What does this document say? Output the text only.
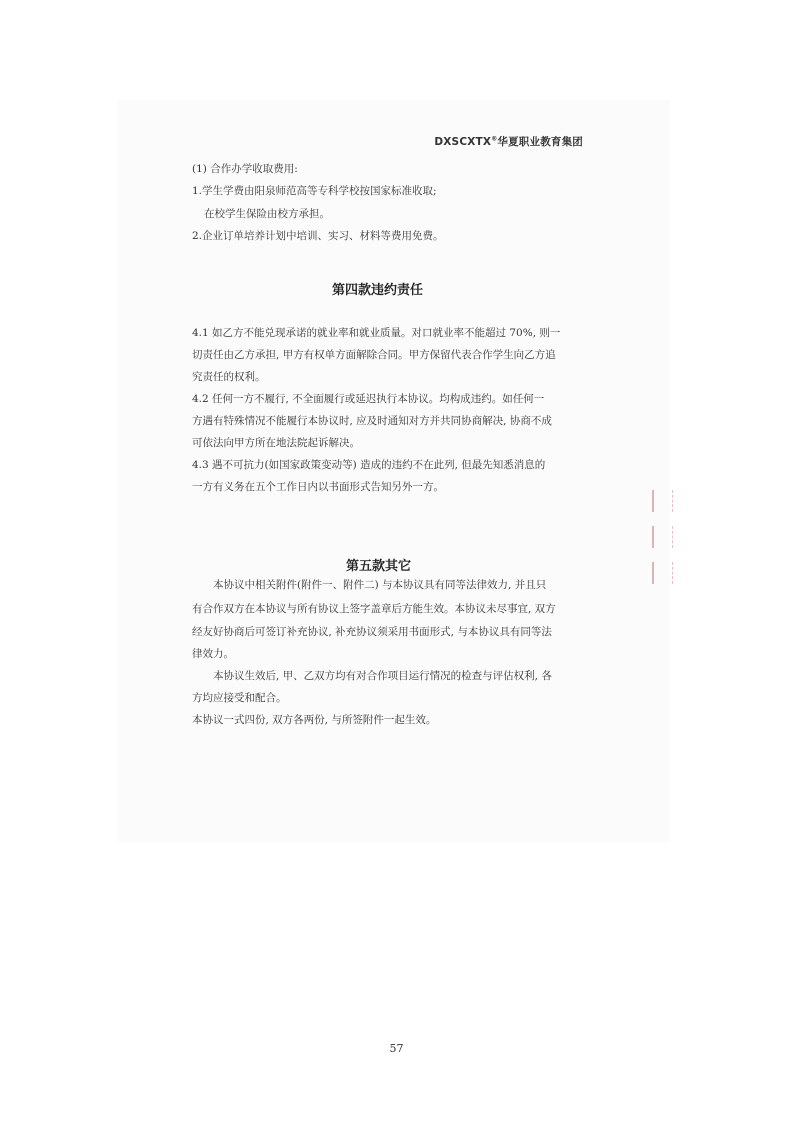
DXSCXTX®华夏职业教育集团
(1) 合作办学收取费用:
1.学生学费由阳泉师范高等专科学校按国家标准收取;
在校学生保险由校方承担。
2.企业订单培养计划中培训、实习、材料等费用免费。
第四款违约责任
4.1 如乙方不能兑现承诺的就业率和就业质量。对口就业率不能超过 70%, 则一
切责任由乙方承担, 甲方有权单方面解除合同。甲方保留代表合作学生向乙方追
究责任的权利。
4.2 任何一方不履行, 不全面履行或延迟执行本协议。均构成违约。如任何一
方遇有特殊情况不能履行本协议时, 应及时通知对方并共同协商解决, 协商不成
可依法向甲方所在地法院起诉解决。
4.3 遇不可抗力(如国家政策变动等) 造成的违约不在此列, 但最先知悉消息的
一方有义务在五个工作日内以书面形式告知另外一方。
第五款其它
本协议中相关附件(附件一、附件二) 与本协议具有同等法律效力, 并且只
有合作双方在本协议与所有协议上签字盖章后方能生效。本协议未尽事宜, 双方
经友好协商后可签订补充协议, 补充协议须采用书面形式, 与本协议具有同等法
律效力。
本协议生效后, 甲、乙双方均有对合作项目运行情况的检查与评估权利, 各
方均应接受和配合。
本协议一式四份, 双方各两份, 与所签附件一起生效。
57
